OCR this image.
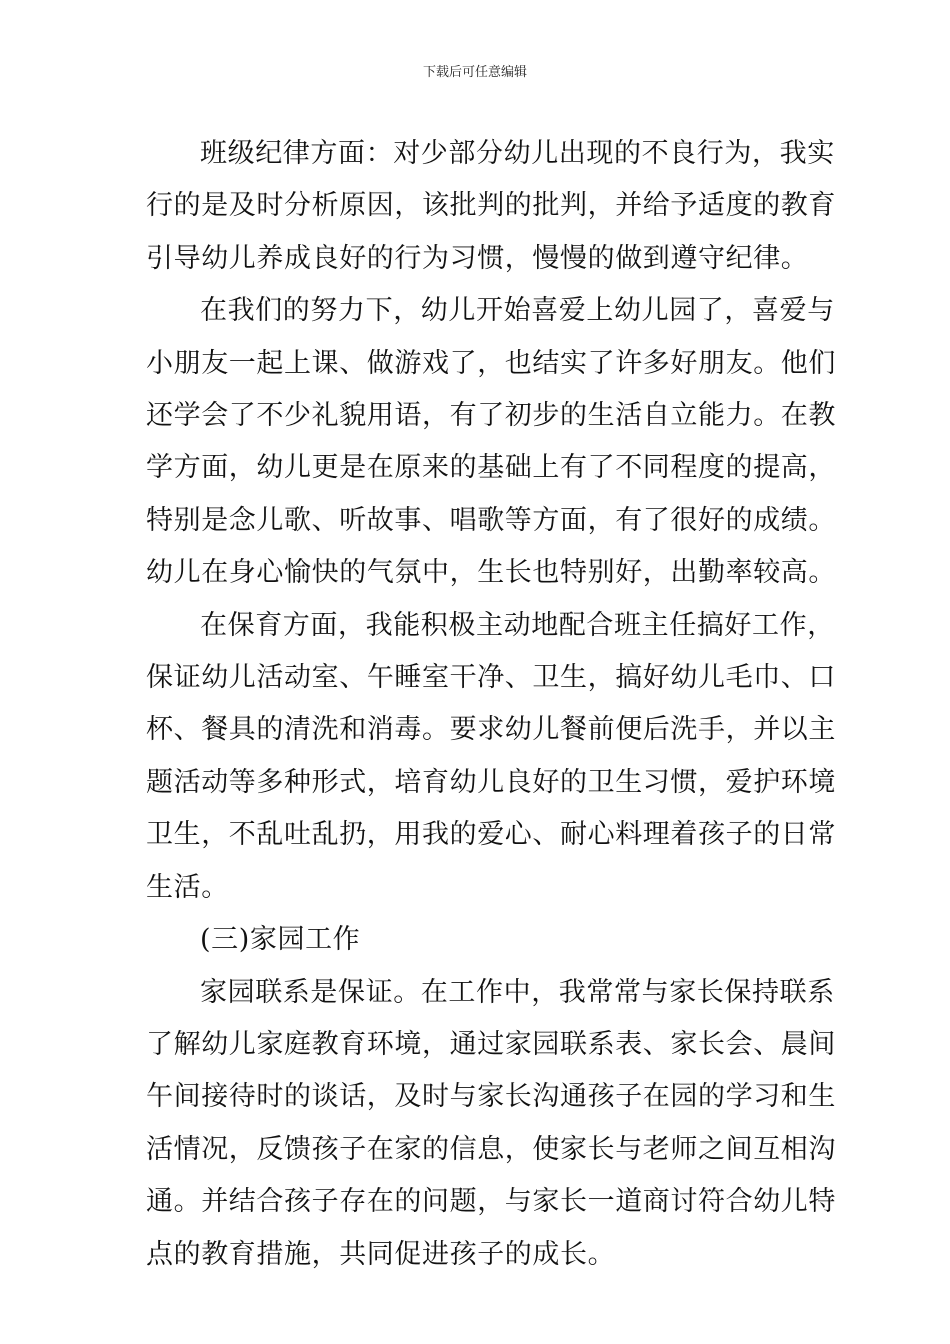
下载后可任意编辑

班级纪律方面：对少部分幼儿出现的不良行为，我实
行的是及时分析原因，该批判的批判，并给予适度的教育
引导幼儿养成良好的行为习惯，慢慢的做到遵守纪律。

在我们的努力下，幼儿开始喜爱上幼儿园了，喜爱与
小朋友一起上课、做游戏了，也结实了许多好朋友。他们
还学会了不少礼貌用语，有了初步的生活自立能力。在教
学方面，幼儿更是在原来的基础上有了不同程度的提高，
特别是念儿歌、听故事、唱歌等方面，有了很好的成绩。
幼儿在身心愉快的气氛中，生长也特别好，出勤率较高。

在保育方面，我能积极主动地配合班主任搞好工作，
保证幼儿活动室、午睡室干净、卫生，搞好幼儿毛巾、口
杯、餐具的清洗和消毒。要求幼儿餐前便后洗手，并以主
题活动等多种形式，培育幼儿良好的卫生习惯，爱护环境
卫生，不乱吐乱扔，用我的爱心、耐心料理着孩子的日常
生活。

(三)家园工作

家园联系是保证。在工作中，我常常与家长保持联系
了解幼儿家庭教育环境，通过家园联系表、家长会、晨间
午间接待时的谈话，及时与家长沟通孩子在园的学习和生
活情况，反馈孩子在家的信息，使家长与老师之间互相沟
通。并结合孩子存在的问题，与家长一道商讨符合幼儿特
点的教育措施，共同促进孩子的成长。
